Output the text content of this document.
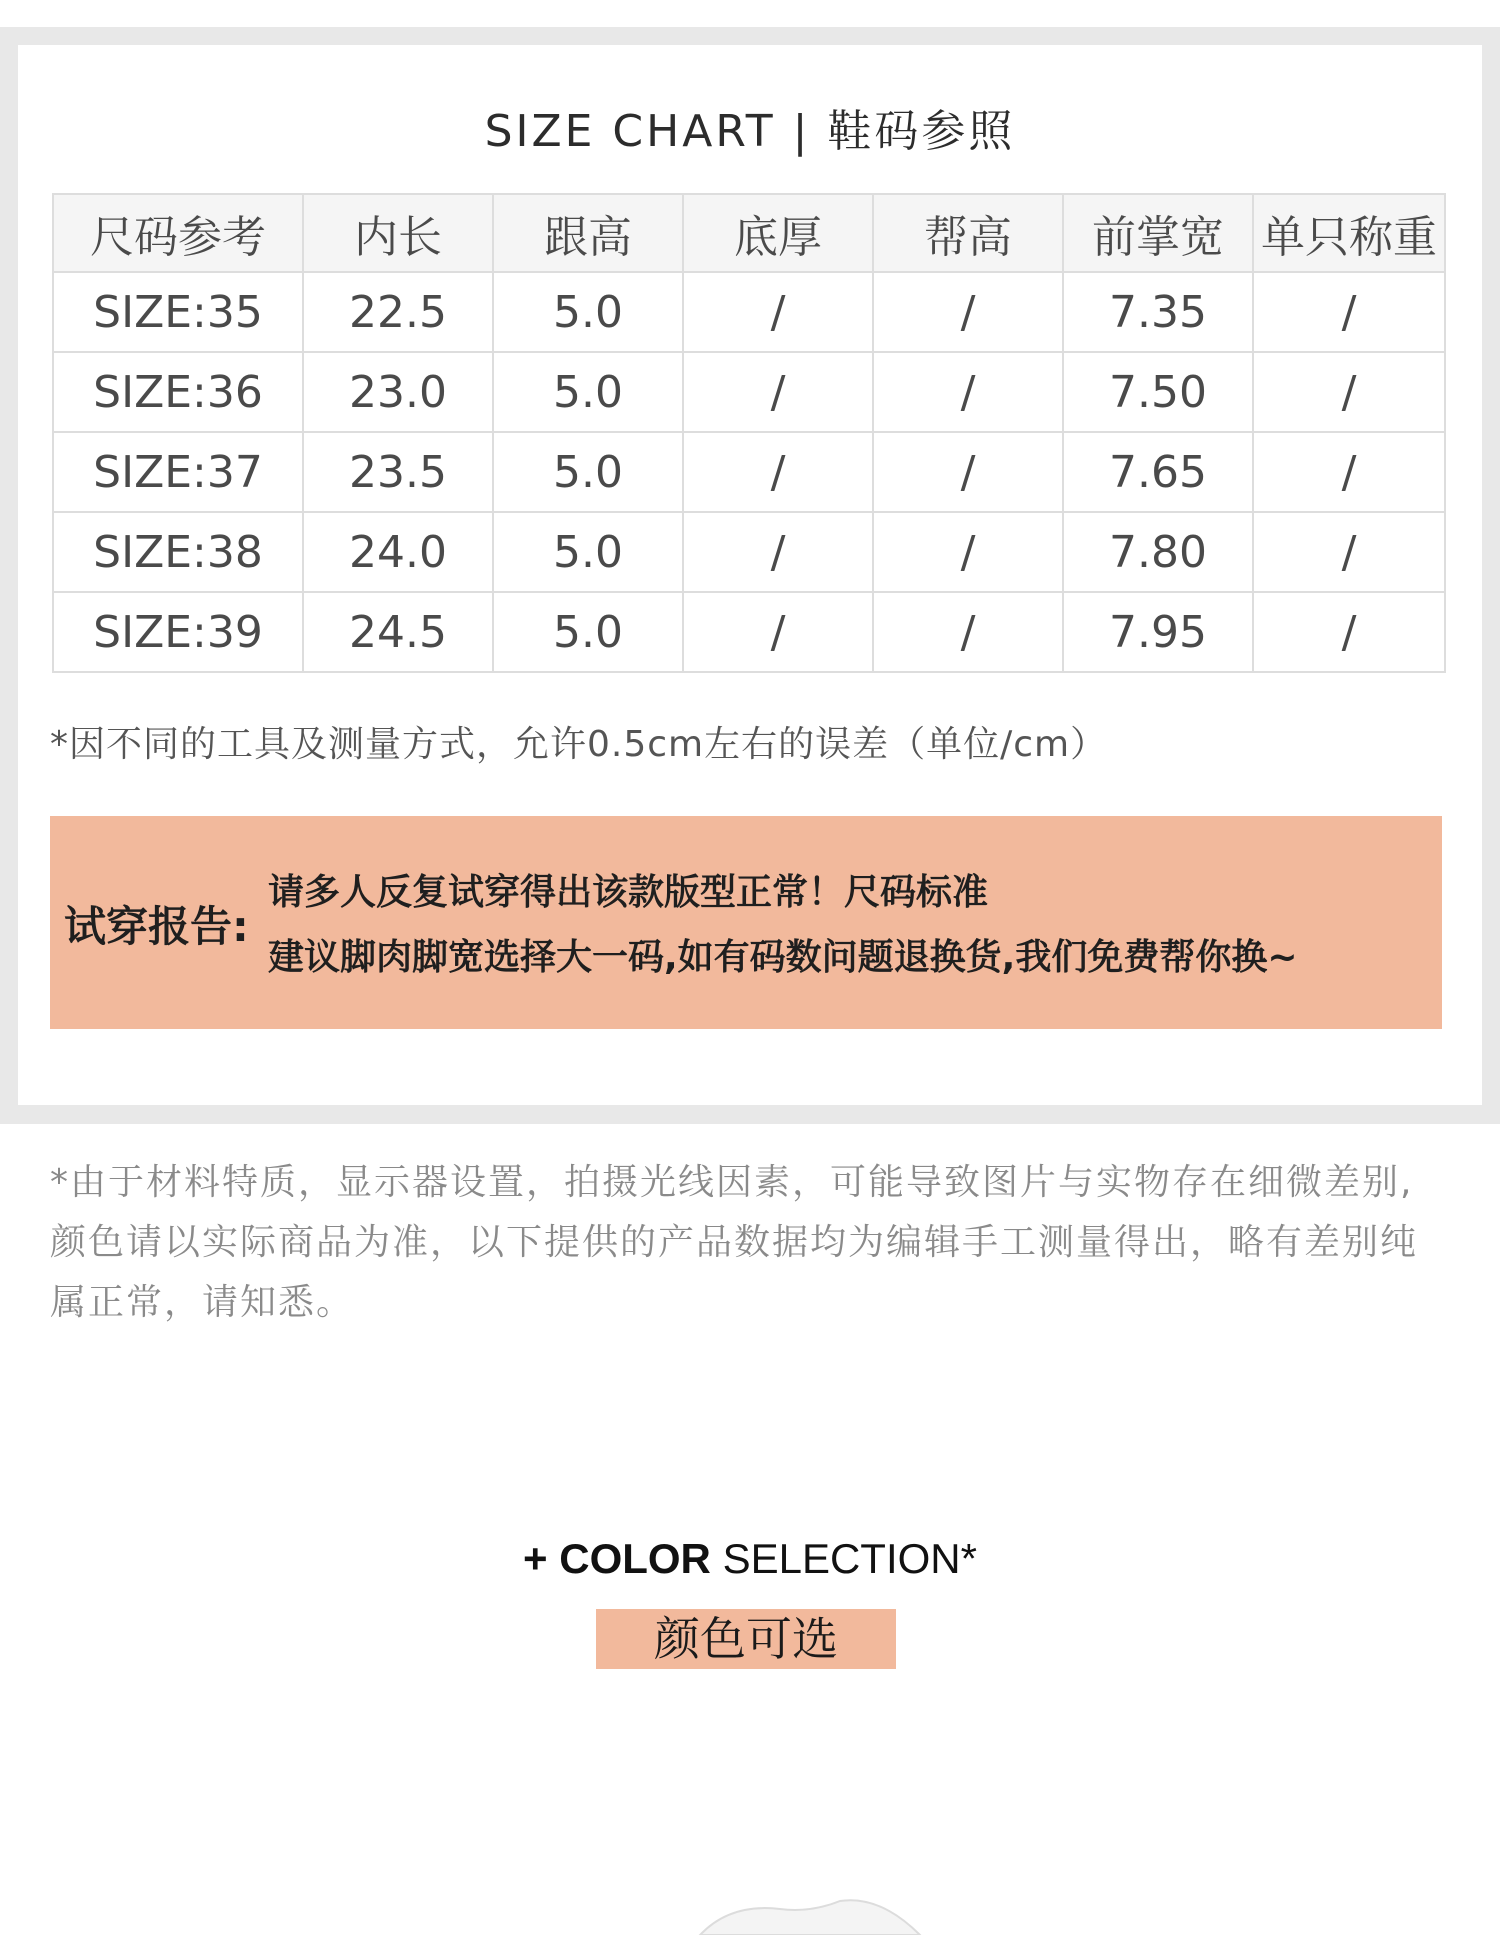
SIZE CHART | 鞋码参照
尺码参考	内长	跟高	底厚	帮高	前掌宽	单只称重
SIZE:35	22.5	5.0	/	/	7.35	/
SIZE:36	23.0	5.0	/	/	7.50	/
SIZE:37	23.5	5.0	/	/	7.65	/
SIZE:38	24.0	5.0	/	/	7.80	/
SIZE:39	24.5	5.0	/	/	7.95	/
*因不同的工具及测量方式，允许0.5cm左右的误差（单位/cm）
试穿报告:
请多人反复试穿得出该款版型正常！尺码标准
建议脚肉脚宽选择大一码,如有码数问题退换货,我们免费帮你换~
*由于材料特质，显示器设置，拍摄光线因素，可能导致图片与实物存在细微差别,颜色请以实际商品为准，以下提供的产品数据均为编辑手工测量得出，略有差别纯属正常，请知悉。
+ COLOR SELECTION*
颜色可选
